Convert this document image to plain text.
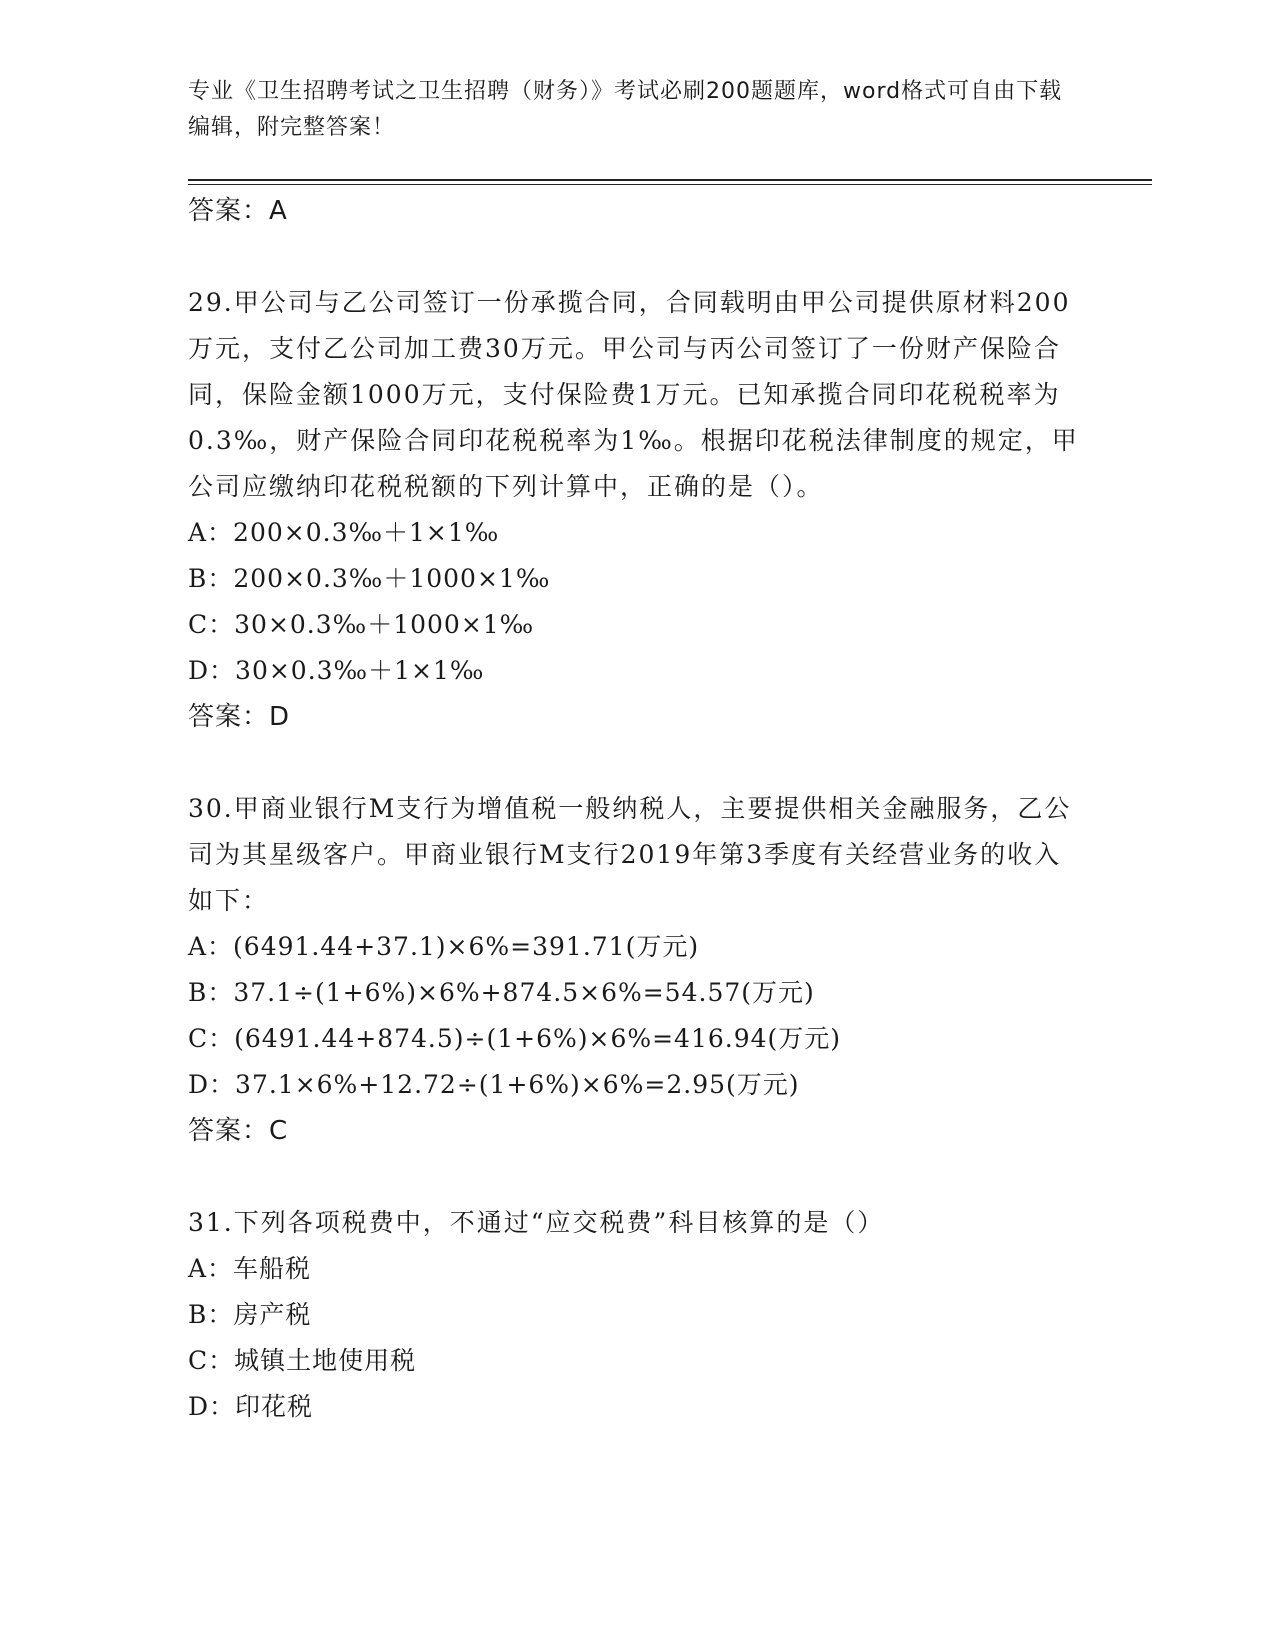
专业《卫生招聘考试之卫生招聘（财务）》考试必刷200题题库，word格式可自由下载编辑，附完整答案！
答案：A
29.甲公司与乙公司签订一份承揽合同，合同载明由甲公司提供原材料200万元，支付乙公司加工费30万元。甲公司与丙公司签订了一份财产保险合同，保险金额1000万元，支付保险费1万元。已知承揽合同印花税税率为0.3‰，财产保险合同印花税税率为1‰。根据印花税法律制度的规定，甲公司应缴纳印花税税额的下列计算中，正确的是（）。
A：200×0.3‰＋1×1‰
B：200×0.3‰＋1000×1‰
C：30×0.3‰＋1000×1‰
D：30×0.3‰＋1×1‰
答案：D
30.甲商业银行M支行为增值税一般纳税人，主要提供相关金融服务，乙公司为其星级客户。甲商业银行M支行2019年第3季度有关经营业务的收入如下：
A：(6491.44+37.1)×6%=391.71(万元)
B：37.1÷(1+6%)×6%+874.5×6%=54.57(万元)
C：(6491.44+874.5)÷(1+6%)×6%=416.94(万元)
D：37.1×6%+12.72÷(1+6%)×6%=2.95(万元)
答案：C
31.下列各项税费中，不通过“应交税费”科目核算的是（）
A：车船税
B：房产税
C：城镇土地使用税
D：印花税
